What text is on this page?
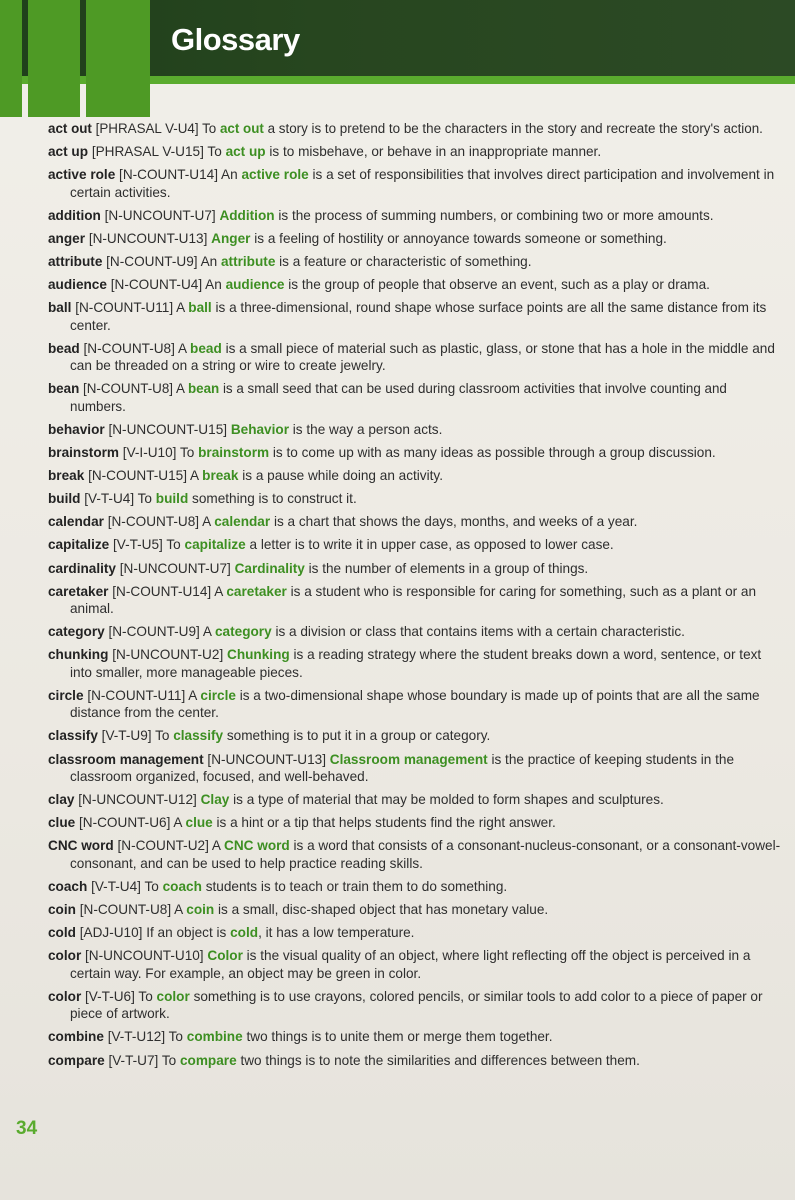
Glossary

act out [PHRASAL V-U4] To act out a story is to pretend to be the characters in the story and recreate the story's action.

act up [PHRASAL V-U15] To act up is to misbehave, or behave in an inappropriate manner.

active role [N-COUNT-U14] An active role is a set of responsibilities that involves direct participation and involvement in certain activities.

addition [N-UNCOUNT-U7] Addition is the process of summing numbers, or combining two or more amounts.

anger [N-UNCOUNT-U13] Anger is a feeling of hostility or annoyance towards someone or something.

attribute [N-COUNT-U9] An attribute is a feature or characteristic of something.

audience [N-COUNT-U4] An audience is the group of people that observe an event, such as a play or drama.

ball [N-COUNT-U11] A ball is a three-dimensional, round shape whose surface points are all the same distance from its center.

bead [N-COUNT-U8] A bead is a small piece of material such as plastic, glass, or stone that has a hole in the middle and can be threaded on a string or wire to create jewelry.

bean [N-COUNT-U8] A bean is a small seed that can be used during classroom activities that involve counting and numbers.

behavior [N-UNCOUNT-U15] Behavior is the way a person acts.

brainstorm [V-I-U10] To brainstorm is to come up with as many ideas as possible through a group discussion.

break [N-COUNT-U15] A break is a pause while doing an activity.

build [V-T-U4] To build something is to construct it.

calendar [N-COUNT-U8] A calendar is a chart that shows the days, months, and weeks of a year.

capitalize [V-T-U5] To capitalize a letter is to write it in upper case, as opposed to lower case.

cardinality [N-UNCOUNT-U7] Cardinality is the number of elements in a group of things.

caretaker [N-COUNT-U14] A caretaker is a student who is responsible for caring for something, such as a plant or an animal.

category [N-COUNT-U9] A category is a division or class that contains items with a certain characteristic.

chunking [N-UNCOUNT-U2] Chunking is a reading strategy where the student breaks down a word, sentence, or text into smaller, more manageable pieces.

circle [N-COUNT-U11] A circle is a two-dimensional shape whose boundary is made up of points that are all the same distance from the center.

classify [V-T-U9] To classify something is to put it in a group or category.

classroom management [N-UNCOUNT-U13] Classroom management is the practice of keeping students in the classroom organized, focused, and well-behaved.

clay [N-UNCOUNT-U12] Clay is a type of material that may be molded to form shapes and sculptures.

clue [N-COUNT-U6] A clue is a hint or a tip that helps students find the right answer.

CNC word [N-COUNT-U2] A CNC word is a word that consists of a consonant-nucleus-consonant, or a consonant-vowel-consonant, and can be used to help practice reading skills.

coach [V-T-U4] To coach students is to teach or train them to do something.

coin [N-COUNT-U8] A coin is a small, disc-shaped object that has monetary value.

cold [ADJ-U10] If an object is cold, it has a low temperature.

color [N-UNCOUNT-U10] Color is the visual quality of an object, where light reflecting off the object is perceived in a certain way. For example, an object may be green in color.

color [V-T-U6] To color something is to use crayons, colored pencils, or similar tools to add color to a piece of paper or piece of artwork.

combine [V-T-U12] To combine two things is to unite them or merge them together.

compare [V-T-U7] To compare two things is to note the similarities and differences between them.

34
